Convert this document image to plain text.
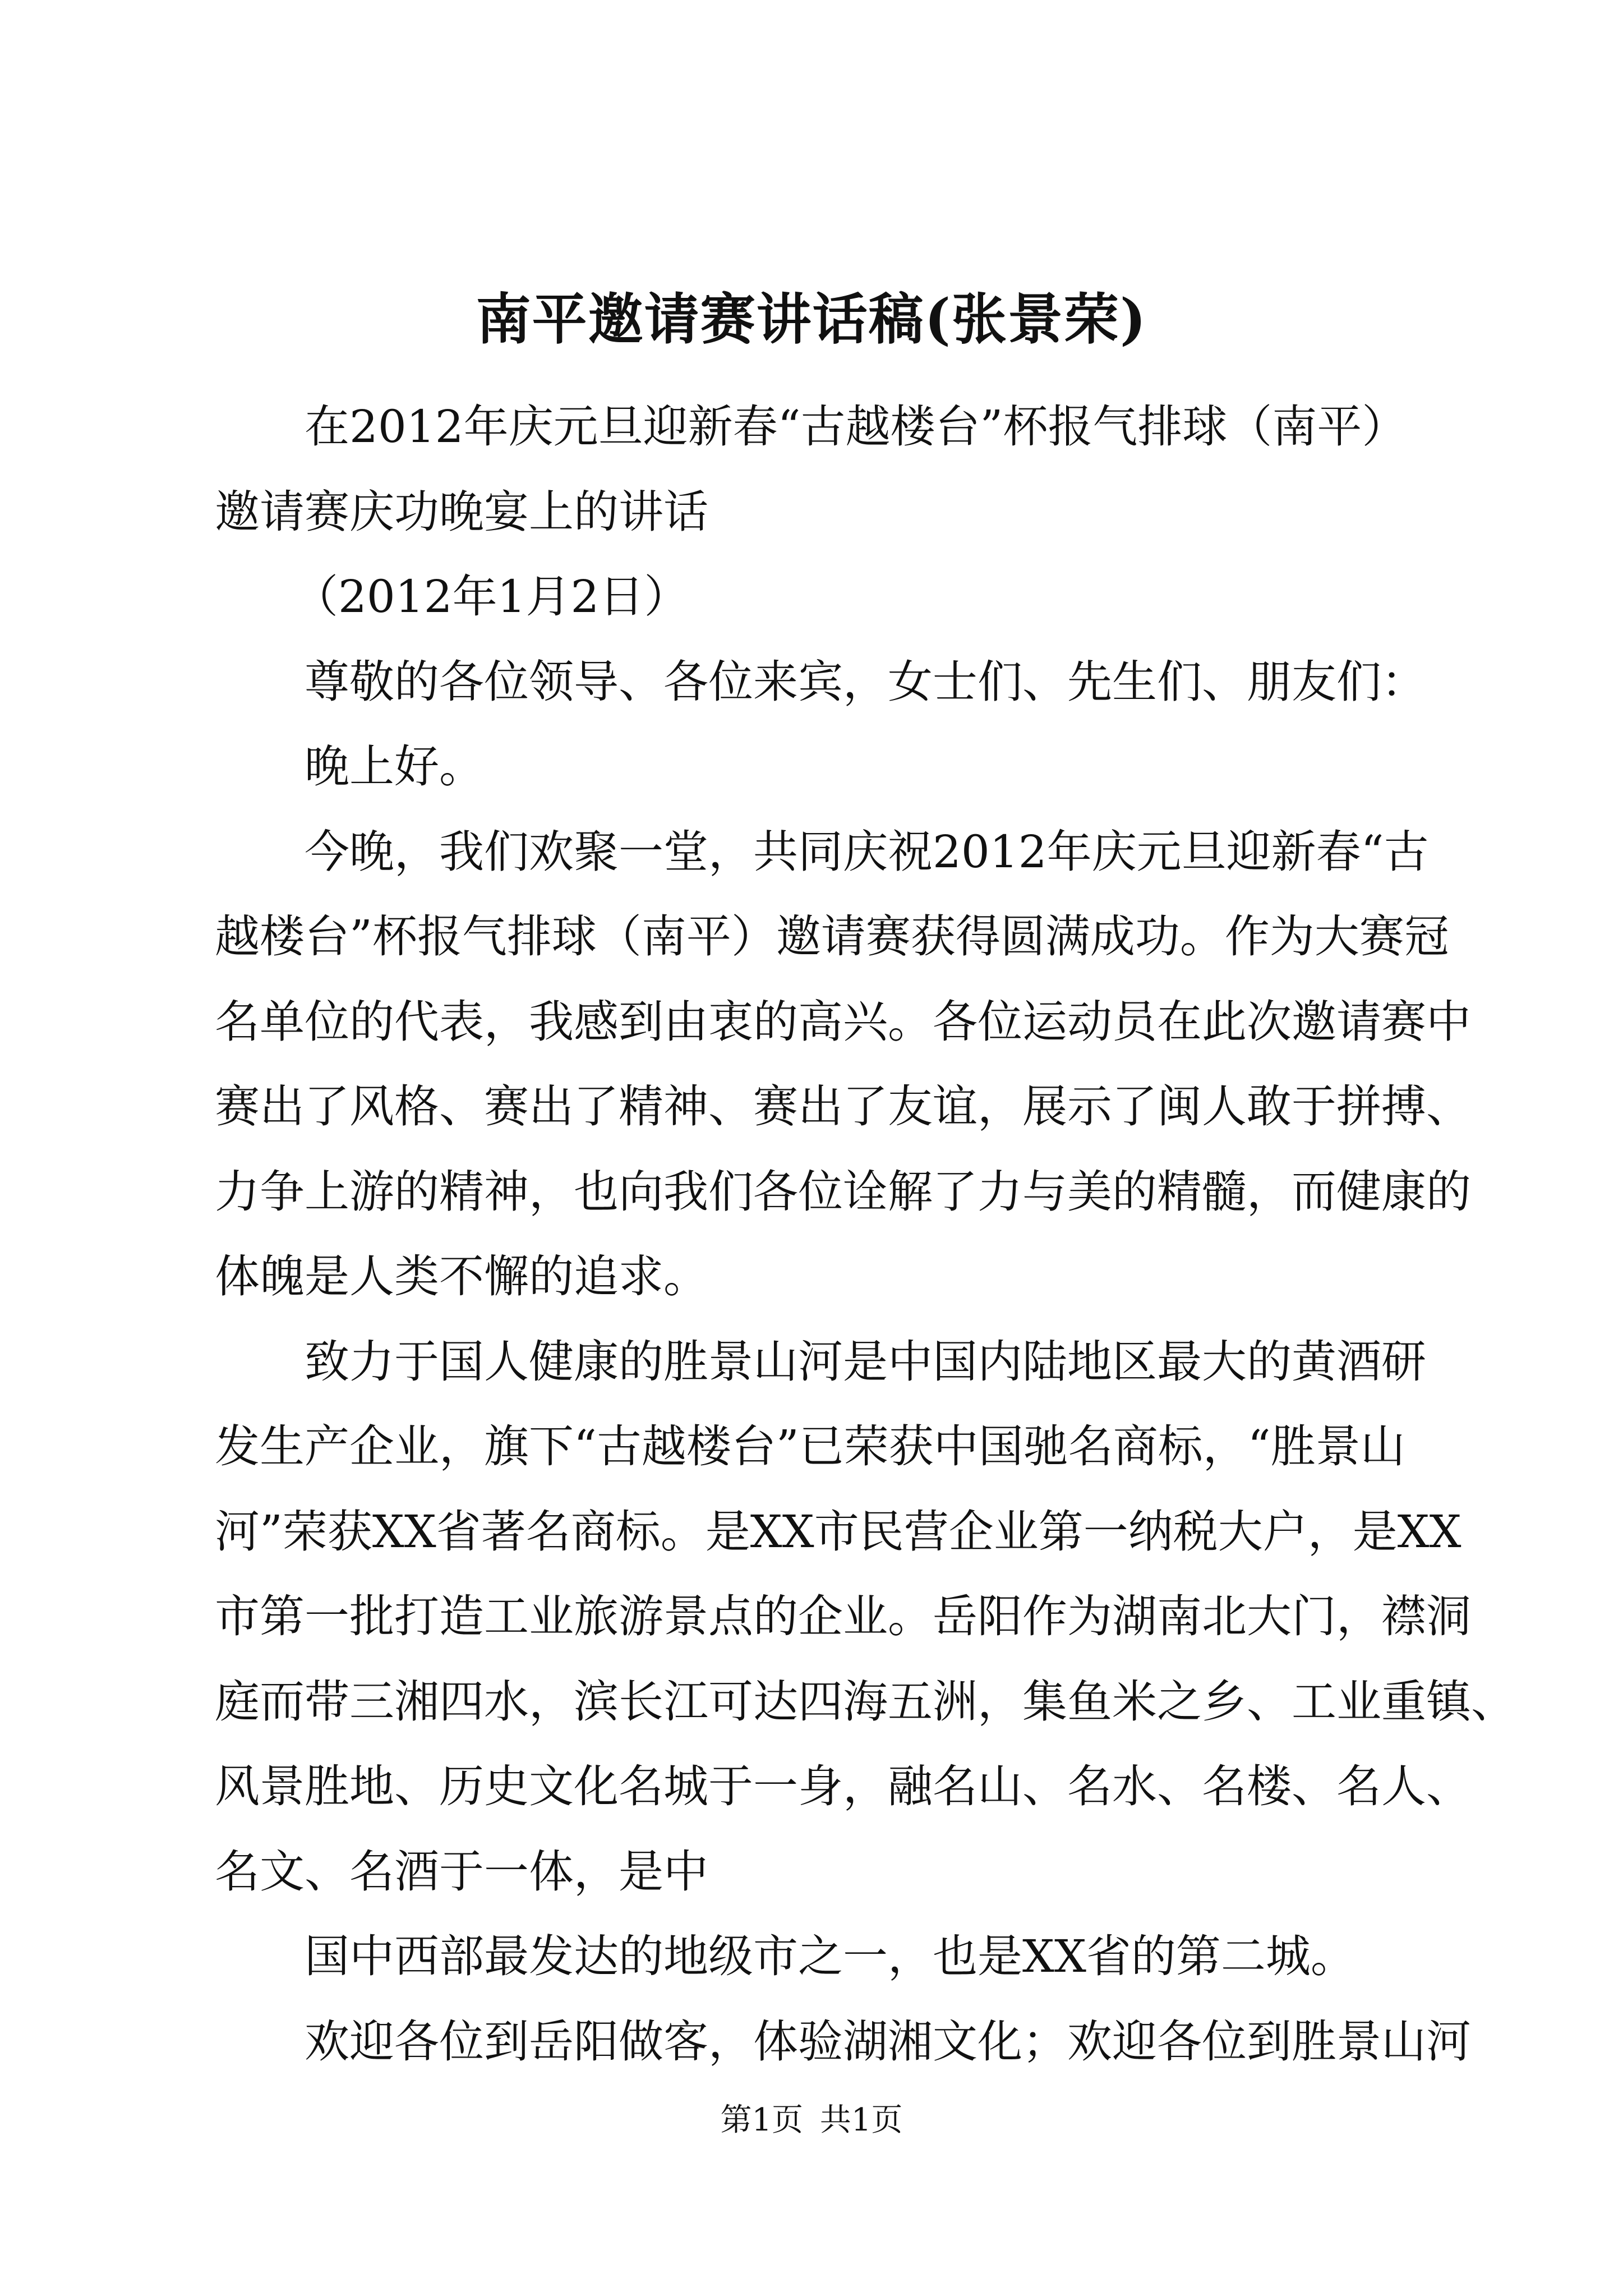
南平邀请赛讲话稿(张景荣)
在2012年庆元旦迎新春“古越楼台”杯报气排球（南平）
邀请赛庆功晚宴上的讲话
（2012年1月2日）
尊敬的各位领导、各位来宾，女士们、先生们、朋友们：
晚上好。
今晚，我们欢聚一堂，共同庆祝2012年庆元旦迎新春“古
越楼台”杯报气排球（南平）邀请赛获得圆满成功。作为大赛冠
名单位的代表，我感到由衷的高兴。各位运动员在此次邀请赛中
赛出了风格、赛出了精神、赛出了友谊，展示了闽人敢于拼搏、
力争上游的精神，也向我们各位诠解了力与美的精髓，而健康的
体魄是人类不懈的追求。
致力于国人健康的胜景山河是中国内陆地区最大的黄酒研
发生产企业，旗下“古越楼台”已荣获中国驰名商标，“胜景山
河”荣获XX省著名商标。是XX市民营企业第一纳税大户，是XX
市第一批打造工业旅游景点的企业。岳阳作为湖南北大门，襟洞
庭而带三湘四水，滨长江可达四海五洲，集鱼米之乡、工业重镇、
风景胜地、历史文化名城于一身，融名山、名水、名楼、名人、
名文、名酒于一体，是中
国中西部最发达的地级市之一，也是XX省的第二城。
欢迎各位到岳阳做客，体验湖湘文化；欢迎各位到胜景山河
第1页 共1页
